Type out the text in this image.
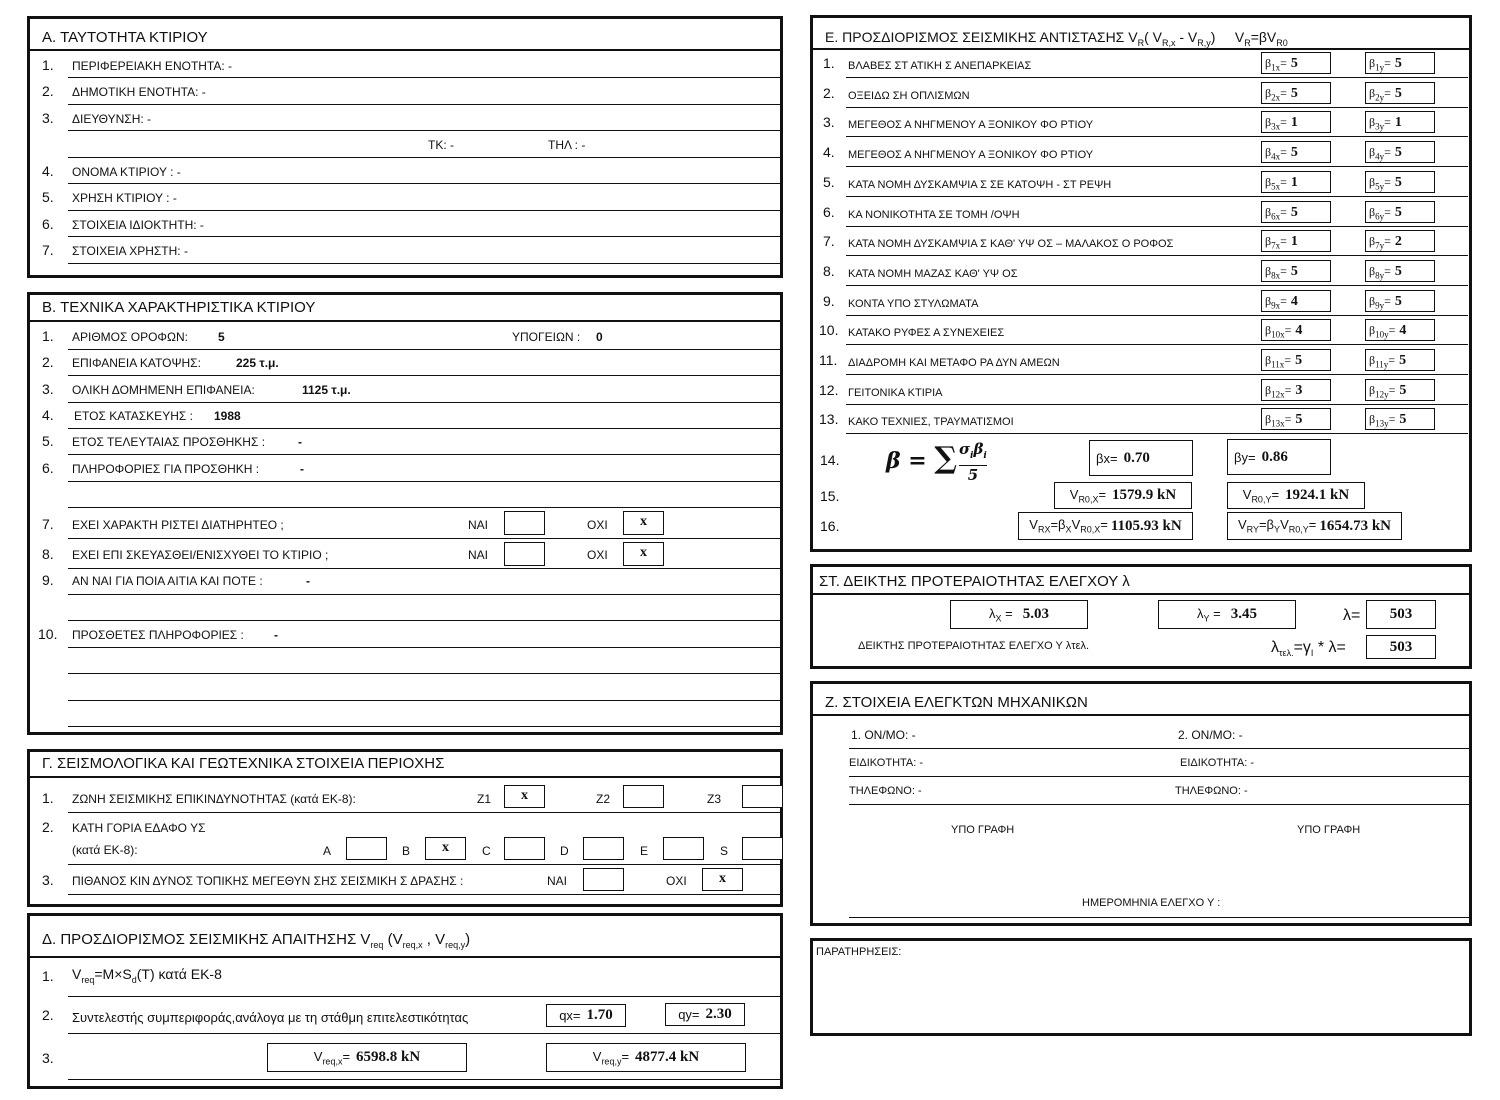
Α. ΤΑΥΤΟΤΗΤΑ ΚΤΙΡΙΟΥ
1. ΠΕΡΙΦΕΡΕΙΑΚΗ ΕΝΟΤΗΤΑ: -
2. ΔΗΜΟΤΙΚΗ ΕΝΟΤΗΤΑ: -
3. ΔΙΕΥΘΥΝΣΗ: -
ΤΚ: -	ΤΗΛ : -
4. ΟΝΟΜΑ ΚΤΙΡΙΟΥ : -
5. ΧΡΗΣΗ ΚΤΙΡΙΟΥ : -
6. ΣΤΟΙΧΕΙΑ ΙΔΙΟΚΤΗΤΗ: -
7. ΣΤΟΙΧΕΙΑ ΧΡΗΣΤΗ: -
Β. ΤΕΧΝΙΚΑ ΧΑΡΑΚΤΗΡΙΣΤΙΚΑ ΚΤΙΡΙΟΥ
1. ΑΡΙΘΜΟΣ ΟΡΟΦΩΝ:	5	ΥΠΟΓΕΙΩΝ : 0
2. ΕΠΙΦΑΝΕΙΑ ΚΑΤΟΨΗΣ:	225 τ.μ.
3. ΟΛΙΚΗ ΔΟΜΗΜΕΝΗ ΕΠΙΦΑΝΕΙΑ:	1125 τ.μ.
4. ΕΤΟΣ ΚΑΤΑΣΚΕΥΗΣ : 1988
5. ΕΤΟΣ ΤΕΛΕΥΤΑΙΑΣ ΠΡΟΣΘΗΚΗΣ :	-
6. ΠΛΗΡΟΦΟΡΙΕΣ ΓΙΑ ΠΡΟΣΘΗΚΗ :	-
7. ΕΧΕΙ ΧΑΡΑΚΤΗ ΡΙΣΤΕΙ ΔΙΑΤΗΡΗΤΕΟ ;	ΝΑΙ	ΟΧΙ	x
8. ΕΧΕΙ ΕΠΙ ΣΚΕΥΑΣΘΕΙ/ΕΝΙΣΧΥΘΕΙ ΤΟ ΚΤΙΡΙΟ ;	ΝΑΙ	ΟΧΙ	x
9. ΑΝ ΝΑΙ ΓΙΑ ΠΟΙΑ ΑΙΤΙΑ ΚΑΙ ΠΟΤΕ :	-
10. ΠΡΟΣΘΕΤΕΣ ΠΛΗΡΟΦΟΡΙΕΣ :	-
Γ. ΣΕΙΣΜΟΛΟΓΙΚΑ ΚΑΙ ΓΕΩΤΕΧΝΙΚΑ ΣΤΟΙΧΕΙΑ ΠΕΡΙΟΧΗΣ
1. ΖΩΝΗ ΣΕΙΣΜΙΚΗΣ ΕΠΙΚΙΝΔΥΝΟΤΗΤΑΣ (κατά ΕΚ-8):	Z1	x	Z2	Z3
2. ΚΑΤΗ ΓΟΡΙΑ ΕΔΑΦΟ ΥΣ
(κατά ΕΚ-8):	A	B	x	C	D	E	S
3. ΠΙΘΑΝΟΣ ΚΙΝ ΔΥΝΟΣ ΤΟΠΙΚΗΣ ΜΕΓΕΘΥΝ ΣΗΣ ΣΕΙΣΜΙΚΗ Σ ΔΡΑΣΗΣ :	ΝΑΙ	ΟΧΙ	x
Δ. ΠΡΟΣΔΙΟΡΙΣΜΟΣ ΣΕΙΣΜΙΚΗΣ ΑΠΑΙΤΗΣΗΣ $V_{req}$ ($V_{req,x}$ , $V_{req,y}$)
1. $V_{req}=M\times S_d(T)$ κατά ΕΚ-8
2. Συντελεστής συμπεριφοράς,ανάλογα με τη στάθμη επιτελεστικότητας	qx= 1.70	qy= 2.30
3.	$V_{req,x}= 6598.8$ kN	$V_{req,y}= 4877.4$ kN
Ε. ΠΡΟΣΔΙΟΡΙΣΜΟΣ ΣΕΙΣΜΙΚΗΣ ΑΝΤΙΣΤΑΣΗΣ $V_R$( $V_{R,x} - V_{R,y}$)     $V_R=\beta V_{R0}$
1. ΒΛΑΒΕΣ ΣΤ ΑΤΙΚΗ Σ ΑΝΕΠΑΡΚΕΙΑΣ	$\beta_{1x}= 5$	$\beta_{1y}= 5$
2. ΟΞΕΙΔΩ ΣΗ ΟΠΛΙΣΜΩΝ	$\beta_{2x}= 5$	$\beta_{2y}= 5$
3. ΜΕΓΕΘΟΣ Α ΝΗΓΜΕΝΟΥ Α ΞΟΝΙΚΟΥ ΦΟ ΡΤΙΟΥ	$\beta_{3x}= 1$	$\beta_{3y}= 1$
4. ΜΕΓΕΘΟΣ Α ΝΗΓΜΕΝΟΥ Α ΞΟΝΙΚΟΥ ΦΟ ΡΤΙΟΥ	$\beta_{4x}= 5$	$\beta_{4y}= 5$
5. ΚΑΤΑ ΝΟΜΗ ΔΥΣΚΑΜΨΙΑ Σ ΣΕ ΚΑΤΟΨΗ - ΣΤ ΡΕΨΗ	$\beta_{5x}= 1$	$\beta_{5y}= 5$
6. ΚΑ ΝΟΝΙΚΟΤΗΤΑ ΣΕ ΤΟΜΗ /ΟΨΗ	$\beta_{6x}= 5$	$\beta_{6y}= 5$
7. ΚΑΤΑ ΝΟΜΗ ΔΥΣΚΑΜΨΙΑ Σ ΚΑΘ' ΥΨ ΟΣ – ΜΑΛΑΚΟΣ Ο ΡΟΦΟΣ	$\beta_{7x}= 1$	$\beta_{7y}= 2$
8. ΚΑΤΑ ΝΟΜΗ ΜΑΖΑΣ ΚΑΘ' ΥΨ ΟΣ	$\beta_{8x}= 5$	$\beta_{8y}= 5$
9. ΚΟΝΤΑ ΥΠΟ ΣΤΥΛΩΜΑΤΑ	$\beta_{9x}= 4$	$\beta_{9y}= 5$
10. ΚΑΤΑΚΟ ΡΥΦΕΣ Α ΣΥΝΕΧΕΙΕΣ	$\beta_{10x}= 4$	$\beta_{10y}= 4$
11. ΔΙΑΔΡΟΜΗ ΚΑΙ ΜΕΤΑΦΟ ΡΑ ΔΥΝ ΑΜΕΩΝ	$\beta_{11x}= 5$	$\beta_{11y}= 5$
12. ΓΕΙΤΟΝΙΚΑ ΚΤΙΡΙΑ	$\beta_{12x}= 3$	$\beta_{12y}= 5$
13. ΚΑΚΟ ΤΕΧΝΙΕΣ, ΤΡΑΥΜΑΤΙΣΜΟΙ	$\beta_{13x}= 5$	$\beta_{13y}= 5$
14. β = ∑ $\sigma_i\beta_i$
5
βx= 0.70	βy= 0.86
15.	$V_{R0,X}= 1579.9$ kN	$V_{R0,Y}= 1924.1$ kN
16.	$V_{RX}=\beta_XV_{R0,X}= 1105.93$ kN	$V_{RY}=\beta_YV_{R0,Y}= 1654.73$ kN
ΣΤ. ΔΕΙΚΤΗΣ ΠΡΟΤΕΡΑΙΟΤΗΤΑΣ ΕΛΕΓΧΟΥ λ
$\lambda_X = 5.03$	$\lambda_Y = 3.45$	λ= 503
ΔΕΙΚΤΗΣ ΠΡΟΤΕΡΑΙΟΤΗΤΑΣ ΕΛΕΓΧΟ Υ λτελ.	$\lambda_{\tau\varepsilon\lambda.}=\gamma_I * \lambda=$	503
Ζ. ΣΤΟΙΧΕΙΑ ΕΛΕΓΚΤΩΝ ΜΗΧΑΝΙΚΩΝ
1. ΟΝ/ΜΟ: -	2. ΟΝ/ΜΟ: -
ΕΙΔΙΚΟΤΗΤΑ: -	ΕΙΔΙΚΟΤΗΤΑ: -
ΤΗΛΕΦΩΝΟ: -	ΤΗΛΕΦΩΝΟ: -
ΥΠΟ ΓΡΑΦΗ	ΥΠΟ ΓΡΑΦΗ
ΗΜΕΡΟΜΗΝΙΑ ΕΛΕΓΧΟ Υ :
ΠΑΡΑΤΗΡΗΣΕΙΣ:
